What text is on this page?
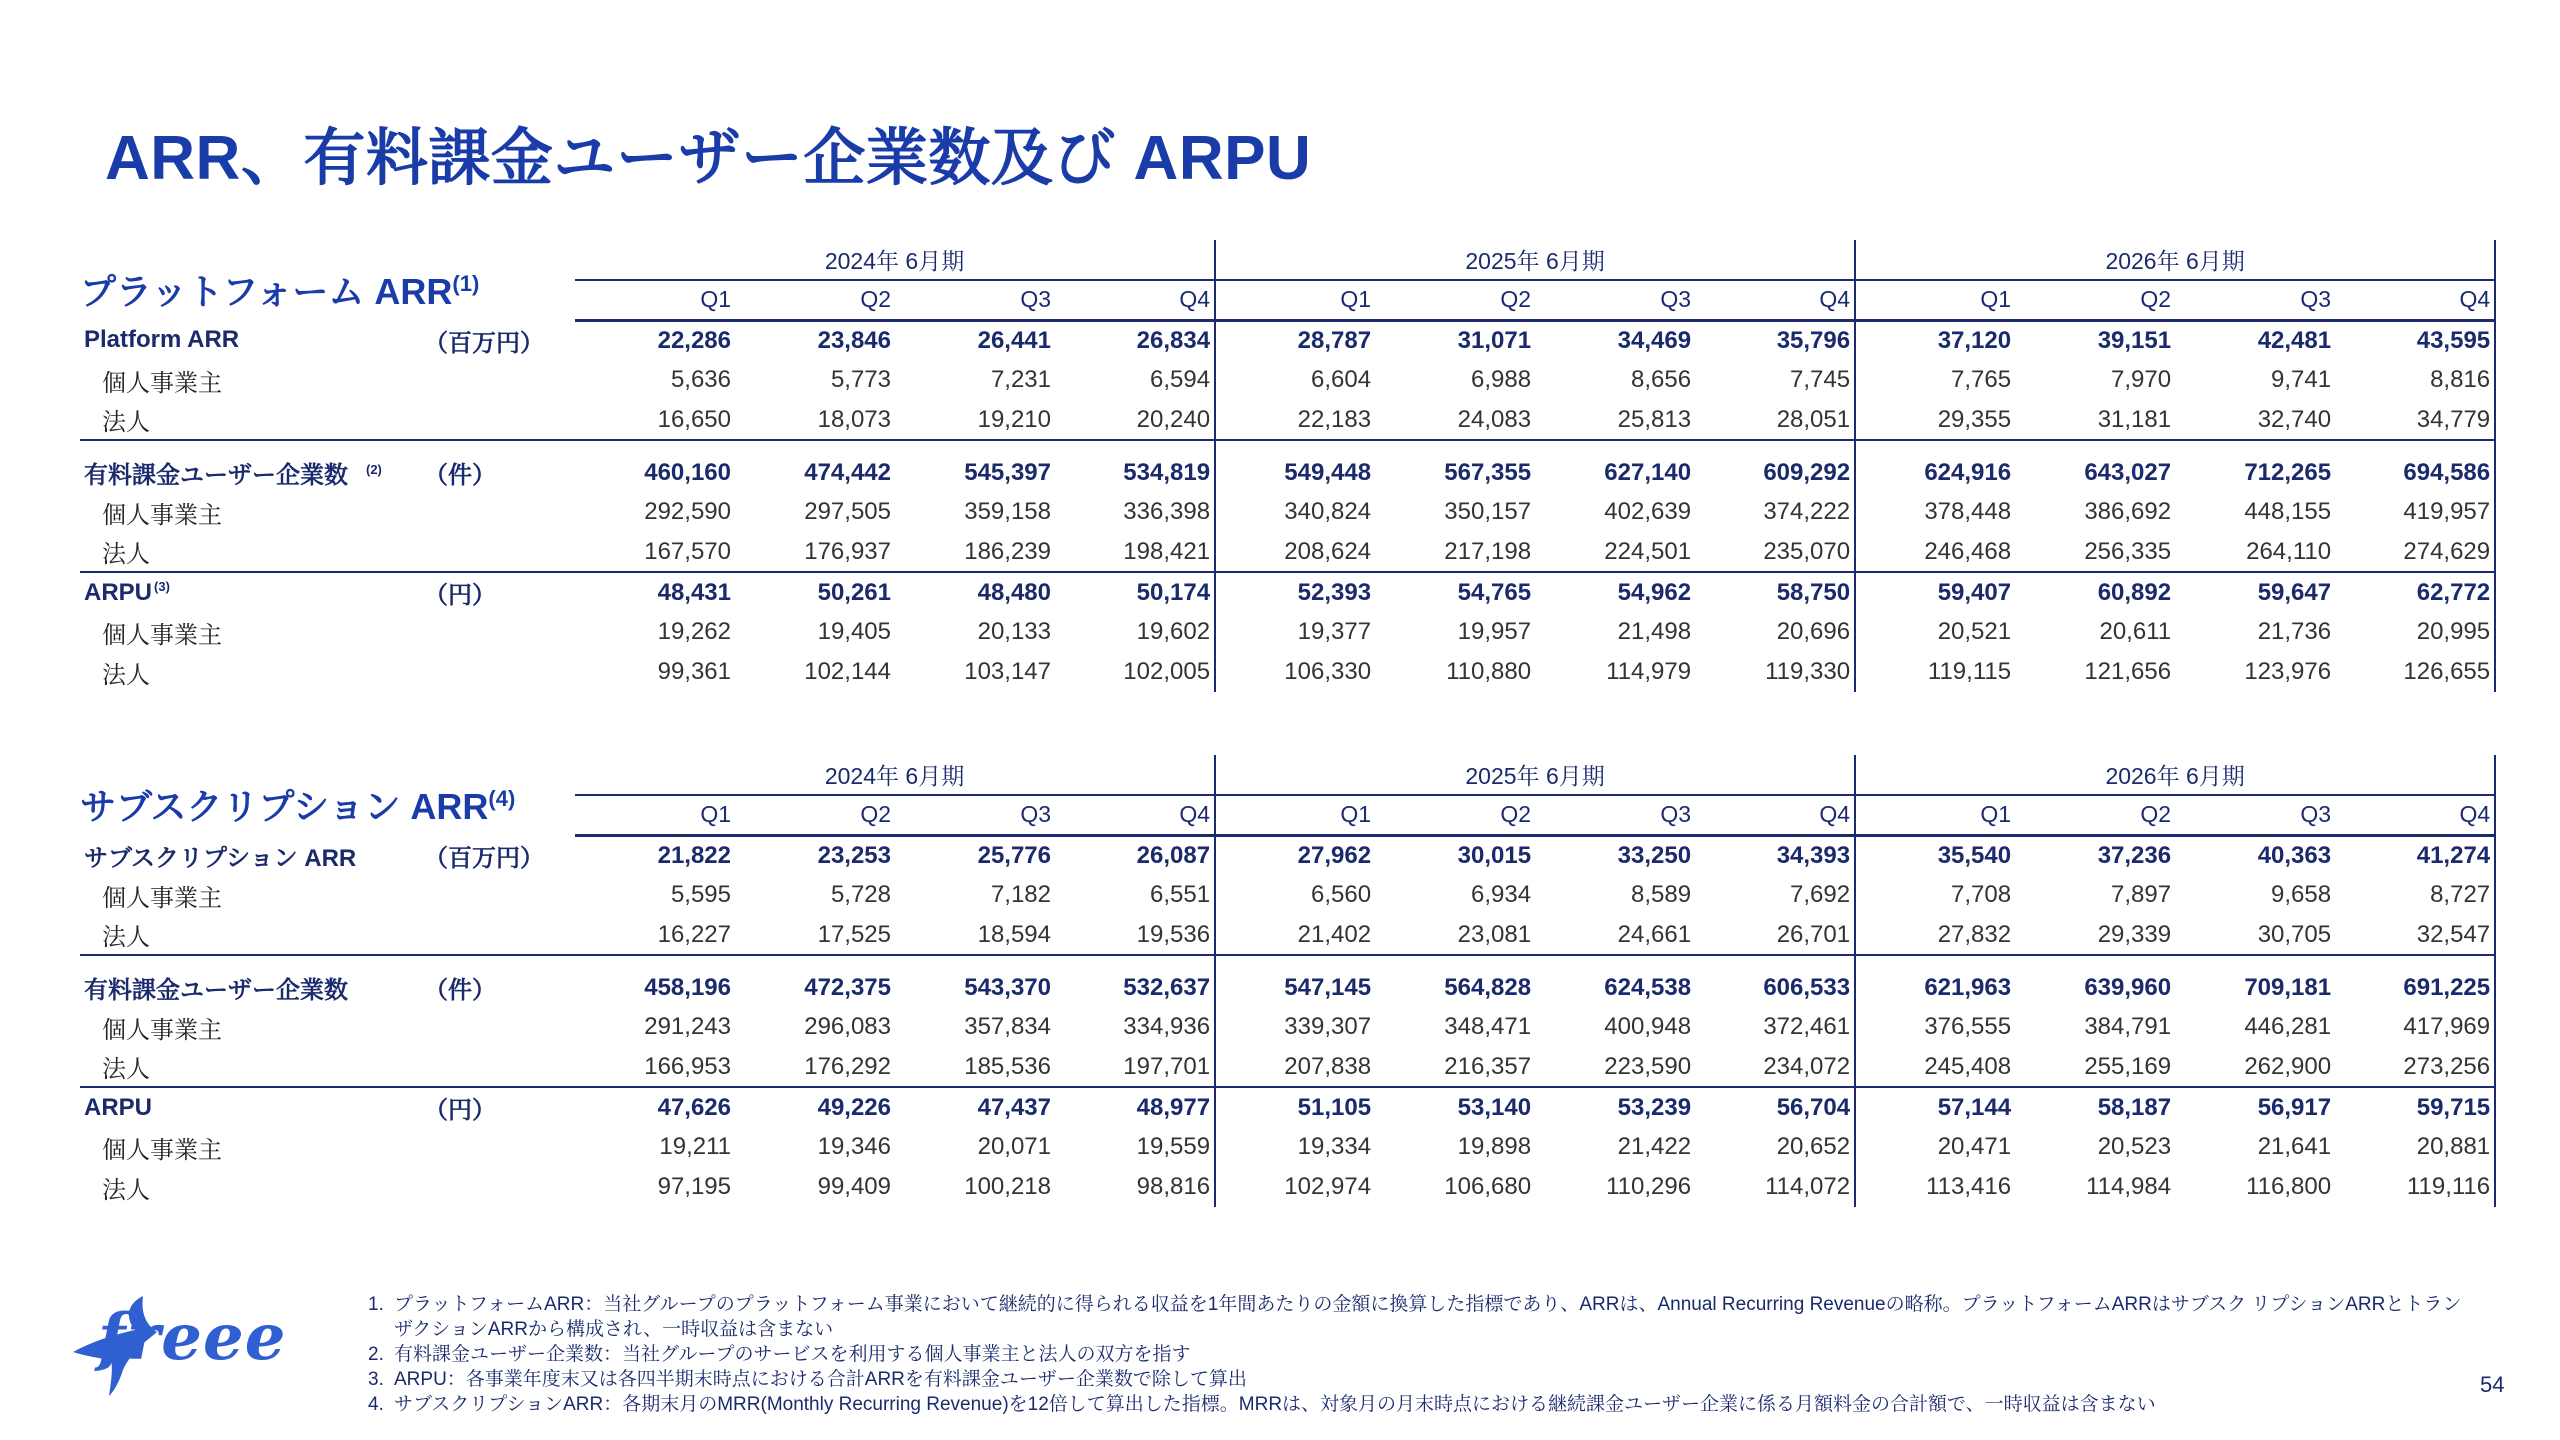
ARR、有料課金ユーザー企業数及び ARPU
プラットフォーム ARR$^{(1)}$
		2024年 6月期				2025年 6月期				2026年 6月期			
		Q1	Q2	Q3	Q4	Q1	Q2	Q3	Q4	Q1	Q2	Q3	Q4
Platform ARR	（百万円）	22,286	23,846	26,441	26,834	28,787	31,071	34,469	35,796	37,120	39,151	42,481	43,595
個人事業主		5,636	5,773	7,231	6,594	6,604	6,988	8,656	7,745	7,765	7,970	9,741	8,816
法人		16,650	18,073	19,210	20,240	22,183	24,083	25,813	28,051	29,355	31,181	32,740	34,779
有料課金ユーザー企業数 $^{(2)}$	（件）	460,160	474,442	545,397	534,819	549,448	567,355	627,140	609,292	624,916	643,027	712,265	694,586
個人事業主		292,590	297,505	359,158	336,398	340,824	350,157	402,639	374,222	378,448	386,692	448,155	419,957
法人		167,570	176,937	186,239	198,421	208,624	217,198	224,501	235,070	246,468	256,335	264,110	274,629
ARPU $^{(3)}$	（円）	48,431	50,261	48,480	50,174	52,393	54,765	54,962	58,750	59,407	60,892	59,647	62,772
個人事業主		19,262	19,405	20,133	19,602	19,377	19,957	21,498	20,696	20,521	20,611	21,736	20,995
法人		99,361	102,144	103,147	102,005	106,330	110,880	114,979	119,330	119,115	121,656	123,976	126,655
サブスクリプション ARR$^{(4)}$
		2024年 6月期				2025年 6月期				2026年 6月期			
		Q1	Q2	Q3	Q4	Q1	Q2	Q3	Q4	Q1	Q2	Q3	Q4
サブスクリプション ARR	（百万円）	21,822	23,253	25,776	26,087	27,962	30,015	33,250	34,393	35,540	37,236	40,363	41,274
個人事業主		5,595	5,728	7,182	6,551	6,560	6,934	8,589	7,692	7,708	7,897	9,658	8,727
法人		16,227	17,525	18,594	19,536	21,402	23,081	24,661	26,701	27,832	29,339	30,705	32,547
有料課金ユーザー企業数	（件）	458,196	472,375	543,370	532,637	547,145	564,828	624,538	606,533	621,963	639,960	709,181	691,225
個人事業主		291,243	296,083	357,834	334,936	339,307	348,471	400,948	372,461	376,555	384,791	446,281	417,969
法人		166,953	176,292	185,536	197,701	207,838	216,357	223,590	234,072	245,408	255,169	262,900	273,256
ARPU	（円）	47,626	49,226	47,437	48,977	51,105	53,140	53,239	56,704	57,144	58,187	56,917	59,715
個人事業主		19,211	19,346	20,071	19,559	19,334	19,898	21,422	20,652	20,471	20,523	21,641	20,881
法人		97,195	99,409	100,218	98,816	102,974	106,680	110,296	114,072	113,416	114,984	116,800	119,116
freee	1. プラットフォームARR：当社グループのプラットフォーム事業において継続的に得られる収益を1年間あたりの金額に換算した指標であり、ARRは、Annual Recurring Revenueの略称。プラットフォームARRはサブスク リプションARRとトランザクションARRから構成され、一時収益は含まない
2. 有料課金ユーザー企業数：当社グループのサービスを利用する個人事業主と法人の双方を指す
3. ARPU：各事業年度末又は各四半期末時点における合計ARRを有料課金ユーザー企業数で除して算出
4. サブスクリプションARR：各期末月のMRR(Monthly Recurring Revenue)を12倍して算出した指標。MRRは、対象月の月末時点における継続課金ユーザー企業に係る月額料金の合計額で、一時収益は含まない
54
